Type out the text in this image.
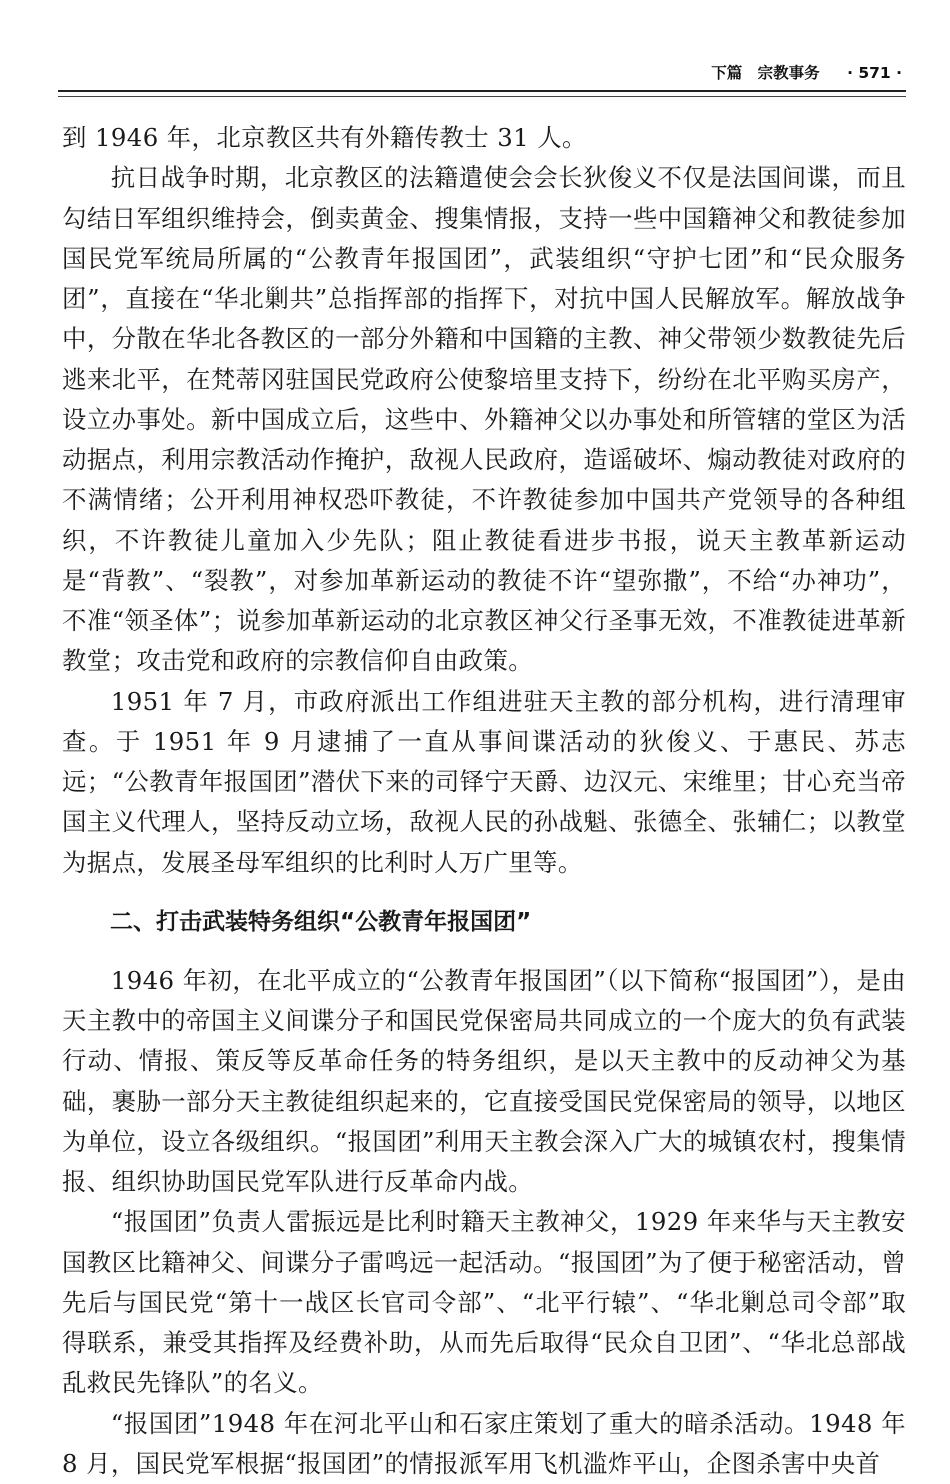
下篇 宗教事务 · 571 ·

到 1946 年，北京教区共有外籍传教士 31 人。

抗日战争时期，北京教区的法籍遣使会会长狄俊义不仅是法国间谍，而且勾结日军组织维持会，倒卖黄金、搜集情报，支持一些中国籍神父和教徒参加国民党军统局所属的“公教青年报国团”，武装组织“守护七团”和“民众服务团”，直接在“华北剿共”总指挥部的指挥下，对抗中国人民解放军。解放战争中，分散在华北各教区的一部分外籍和中国籍的主教、神父带领少数教徒先后逃来北平，在梵蒂冈驻国民党政府公使黎培里支持下，纷纷在北平购买房产，设立办事处。新中国成立后，这些中、外籍神父以办事处和所管辖的堂区为活动据点，利用宗教活动作掩护，敌视人民政府，造谣破坏、煽动教徒对政府的不满情绪；公开利用神权恐吓教徒，不许教徒参加中国共产党领导的各种组织，不许教徒儿童加入少先队；阻止教徒看进步书报，说天主教革新运动是“背教”、“裂教”，对参加革新运动的教徒不许“望弥撒”，不给“办神功”，不准“领圣体”；说参加革新运动的北京教区神父行圣事无效，不准教徒进革新教堂；攻击党和政府的宗教信仰自由政策。

1951 年 7 月，市政府派出工作组进驻天主教的部分机构，进行清理审查。于 1951 年 9 月逮捕了一直从事间谍活动的狄俊义、于惠民、苏志远；“公教青年报国团”潜伏下来的司铎宁天爵、边汉元、宋维里；甘心充当帝国主义代理人，坚持反动立场，敌视人民的孙战魁、张德全、张辅仁；以教堂为据点，发展圣母军组织的比利时人万广里等。

二、打击武装特务组织“公教青年报国团”

1946 年初，在北平成立的“公教青年报国团”（以下简称“报国团”），是由天主教中的帝国主义间谍分子和国民党保密局共同成立的一个庞大的负有武装行动、情报、策反等反革命任务的特务组织，是以天主教中的反动神父为基础，裹胁一部分天主教徒组织起来的，它直接受国民党保密局的领导，以地区为单位，设立各级组织。“报国团”利用天主教会深入广大的城镇农村，搜集情报、组织协助国民党军队进行反革命内战。

“报国团”负责人雷振远是比利时籍天主教神父，1929 年来华与天主教安国教区比籍神父、间谍分子雷鸣远一起活动。“报国团”为了便于秘密活动，曾先后与国民党“第十一战区长官司令部”、“北平行辕”、“华北剿总司令部”取得联系，兼受其指挥及经费补助，从而先后取得“民众自卫团”、“华北总部战乱救民先锋队”的名义。

“报国团”1948 年在河北平山和石家庄策划了重大的暗杀活动。1948 年 8 月，国民党军根据“报国团”的情报派军用飞机滥炸平山，企图杀害中央首
